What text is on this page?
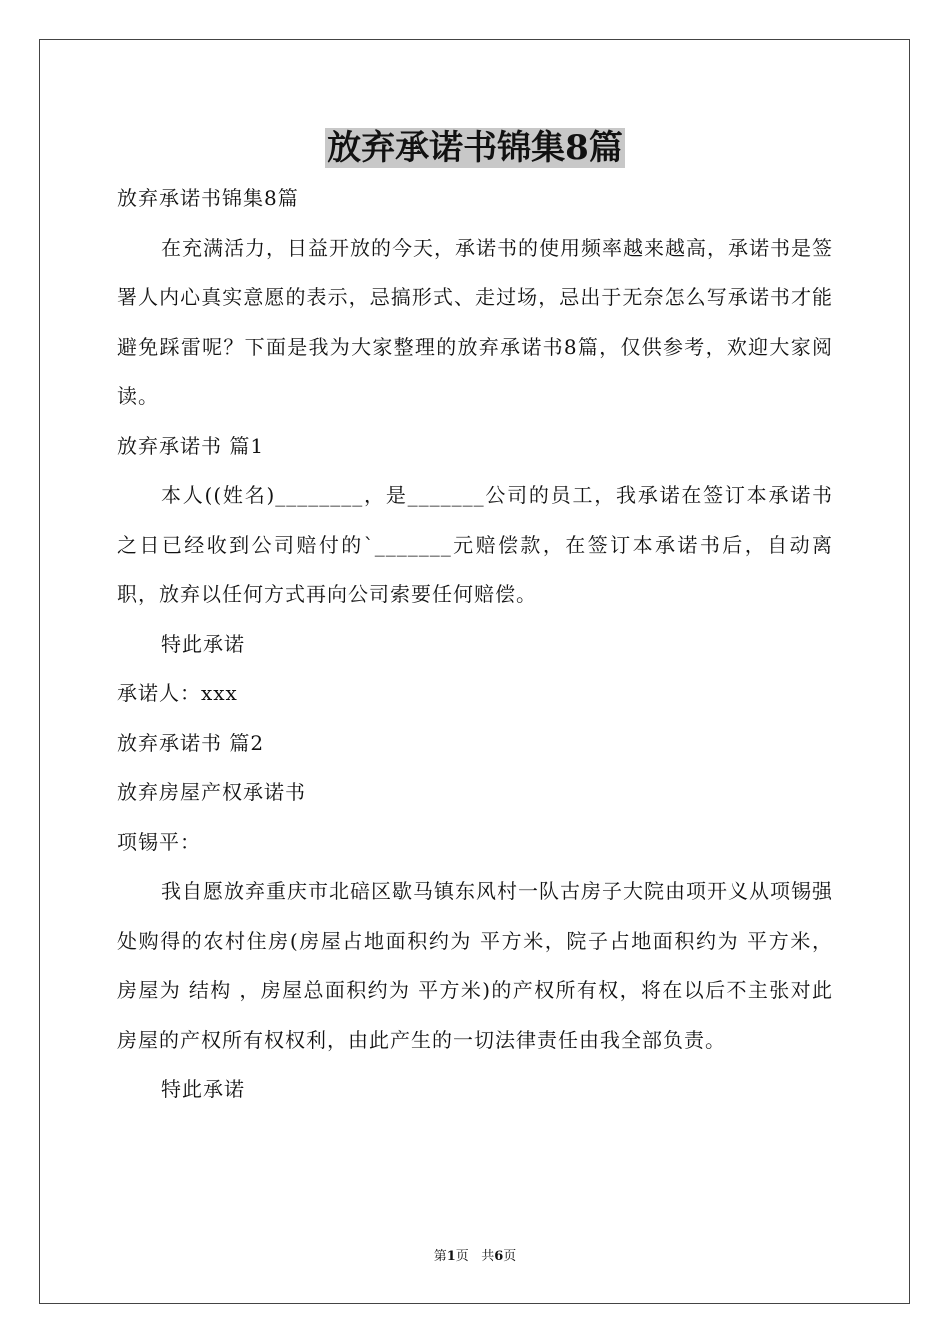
放弃承诺书锦集8篇

放弃承诺书锦集8篇

在充满活力，日益开放的今天，承诺书的使用频率越来越高，承诺书是签署人内心真实意愿的表示，忌搞形式、走过场，忌出于无奈怎么写承诺书才能避免踩雷呢？下面是我为大家整理的放弃承诺书8篇，仅供参考，欢迎大家阅读。

放弃承诺书 篇1

本人((姓名)________，是_______公司的员工，我承诺在签订本承诺书之日已经收到公司赔付的`_______元赔偿款，在签订本承诺书后，自动离职，放弃以任何方式再向公司索要任何赔偿。

特此承诺

承诺人：xxx

放弃承诺书 篇2

放弃房屋产权承诺书

项锡平：

我自愿放弃重庆市北碚区歇马镇东风村一队古房子大院由项开义从项锡强处购得的农村住房(房屋占地面积约为 平方米，院子占地面积约为 平方米，房屋为 结构 ，房屋总面积约为 平方米)的产权所有权，将在以后不主张对此房屋的产权所有权权利，由此产生的一切法律责任由我全部负责。

特此承诺

第1页 共6页
